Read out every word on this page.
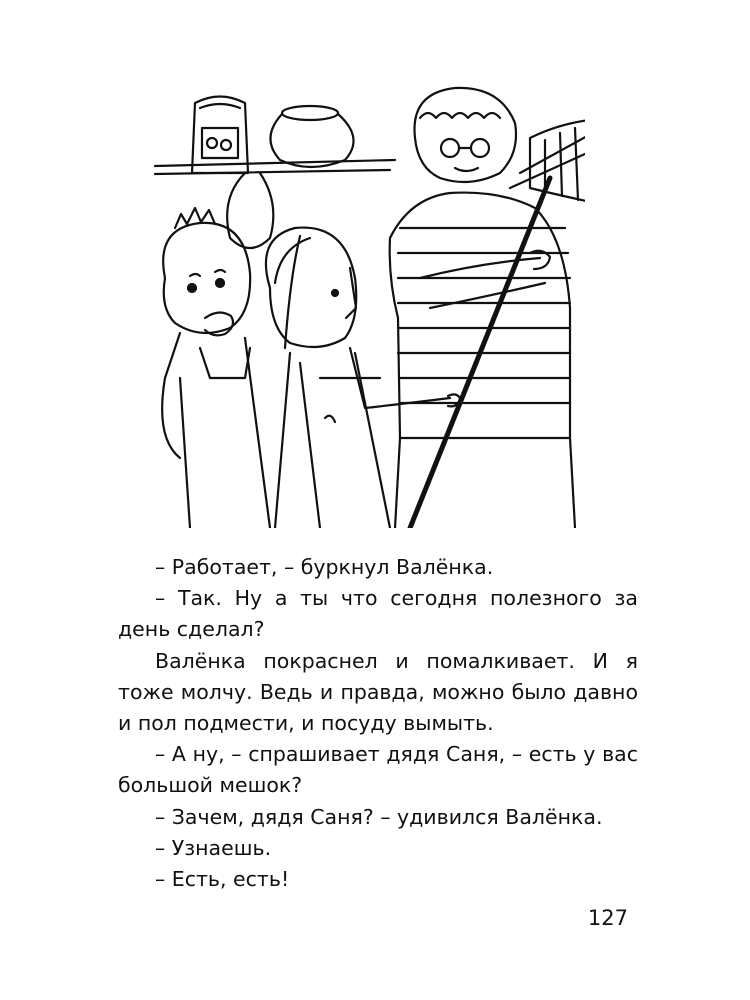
– Работает, – буркнул Валёнка.

– Так. Ну а ты что сегодня полезного за день сделал?

Валёнка покраснел и помалкивает. И я тоже молчу. Ведь и правда, можно было давно и пол подмести, и посуду вымыть.

– А ну, – спрашивает дядя Саня, – есть у вас большой мешок?

– Зачем, дядя Саня? – удивился Валёнка.

– Узнаешь.

– Есть, есть!

127
